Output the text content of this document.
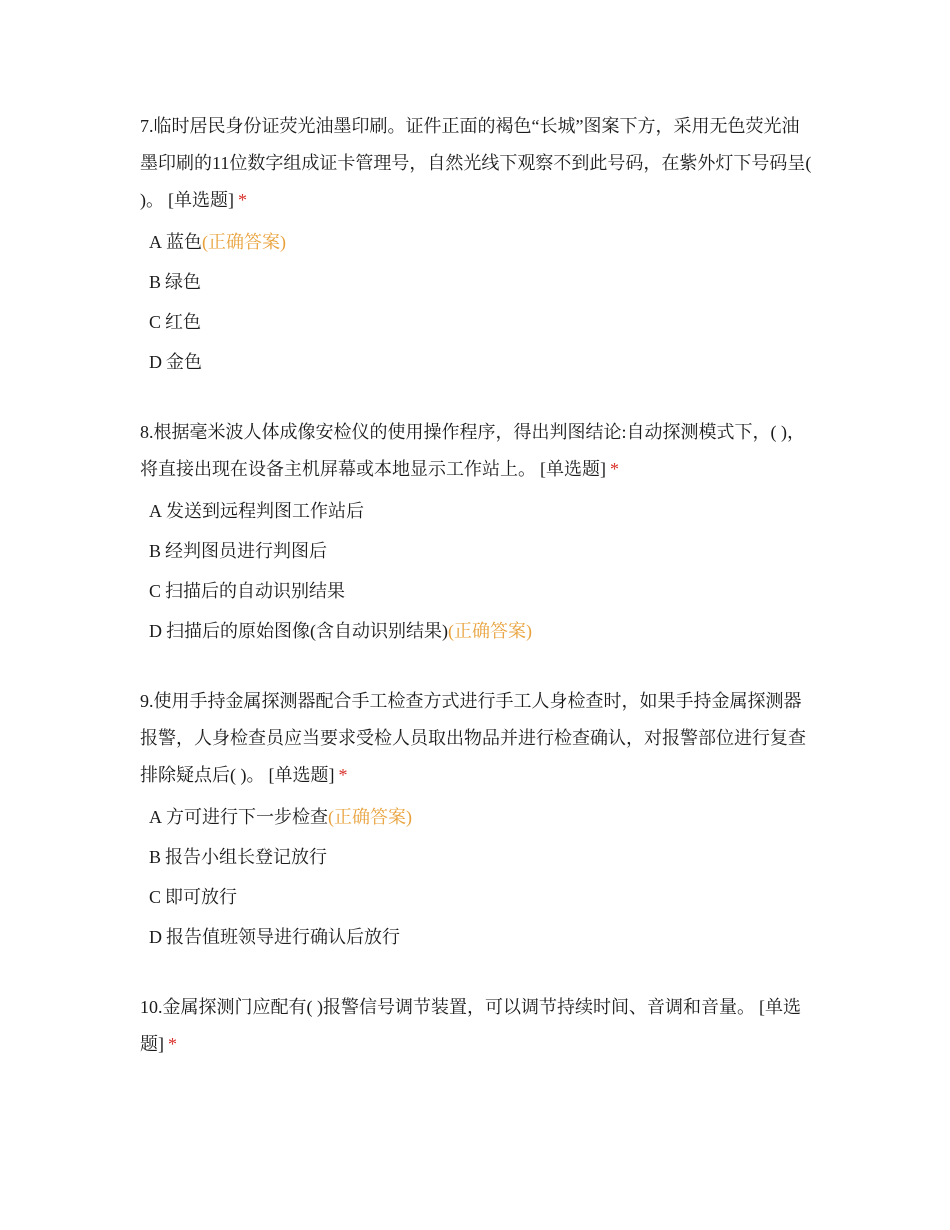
7.临时居民身份证荧光油墨印刷。证件正面的褐色“长城”图案下方，采用无色荧光油墨印刷的11位数字组成证卡管理号，自然光线下观察不到此号码，在紫外灯下号码呈( )。 [单选题] *

A 蓝色(正确答案)
B 绿色
C 红色
D 金色

8.根据毫米波人体成像安检仪的使用操作程序，得出判图结论:自动探测模式下，( )，将直接出现在设备主机屏幕或本地显示工作站上。 [单选题] *

A 发送到远程判图工作站后
B 经判图员进行判图后
C 扫描后的自动识别结果
D 扫描后的原始图像(含自动识别结果)(正确答案)

9.使用手持金属探测器配合手工检查方式进行手工人身检查时，如果手持金属探测器报警，人身检查员应当要求受检人员取出物品并进行检查确认，对报警部位进行复查排除疑点后( )。 [单选题] *

A 方可进行下一步检查(正确答案)
B 报告小组长登记放行
C 即可放行
D 报告值班领导进行确认后放行

10.金属探测门应配有( )报警信号调节装置，可以调节持续时间、音调和音量。 [单选题] *
